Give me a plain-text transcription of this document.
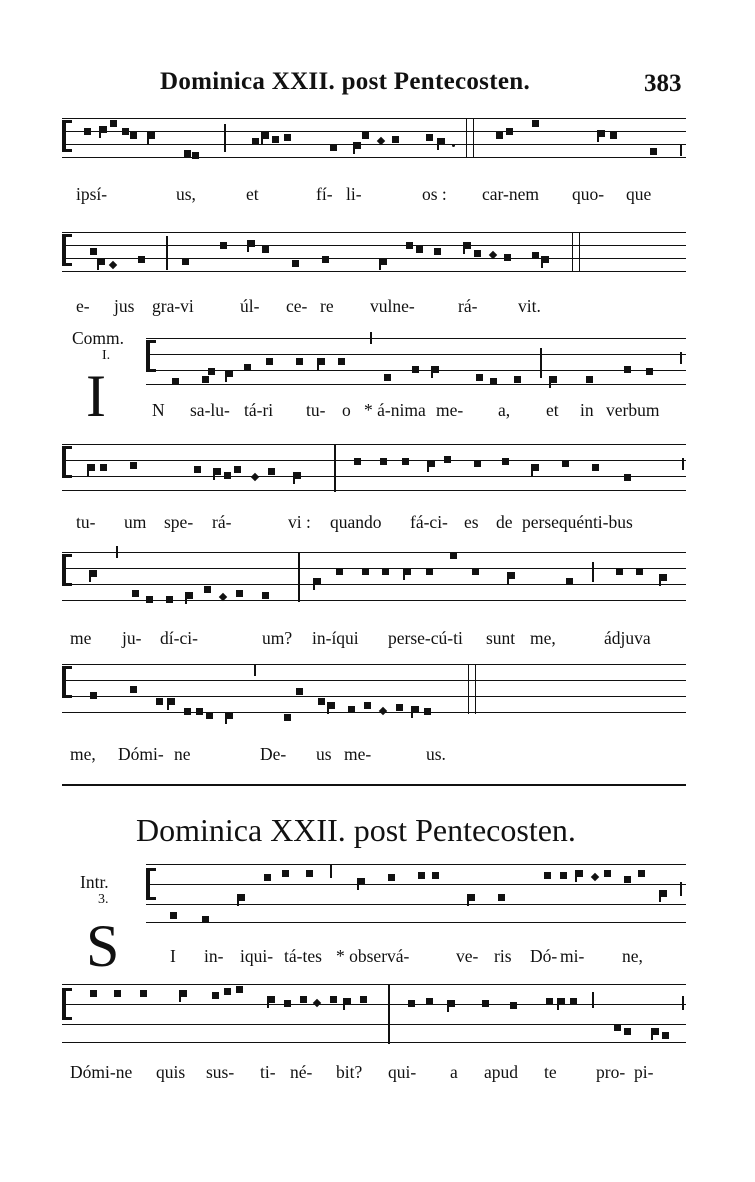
Dominica XXII. post Pentecosten.	383
ipsí-	us,	et	fí- li-	os : car-nem quo- que
e- jus gra-vi	úl- ce- re vulne- rá- vit.
Comm.
I.
I	N sa-lu- tá-ri tu- o * á-nima me- a, et in verbum
tu- um spe- rá-	vi : quando fá-ci- es de persequénti-bus
me ju- dí-ci-	um? in-íqui perse-cú-ti sunt me,	ádjuva
me, Dómi- ne	De- us me-	us.
Dominica XXII. post Pentecosten.
Intr.
3.
S	I in- iqui- tá-tes * observá-	ve- ris Dó- mi- ne,
Dómi-ne quis sus- ti- né- bit? qui- a apud te pro- pi-
